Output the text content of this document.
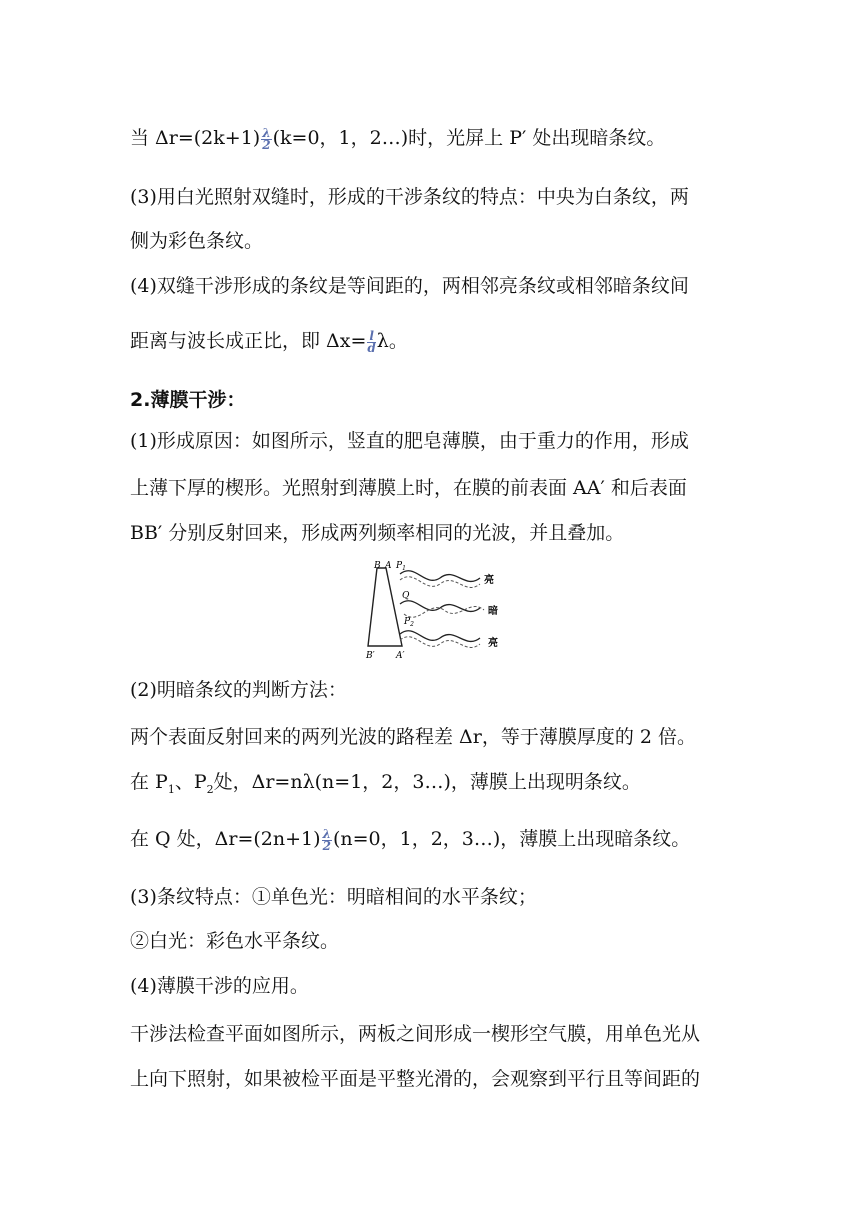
当 $\Delta r=(2k+1) \frac{\lambda}{2} (k=0$，1，2…)时，光屏上 P′ 处出现暗条纹。
(3)用白光照射双缝时，形成的干涉条纹的特点：中央为白条纹，两
侧为彩色条纹。
(4)双缝干涉形成的条纹是等间距的，两相邻亮条纹或相邻暗条纹间
距离与波长成正比，即 $\Delta x= \frac{l}{d}$ λ。
2.薄膜干涉：
(1)形成原因：如图所示，竖直的肥皂薄膜，由于重力的作用，形成
上薄下厚的楔形。光照射到薄膜上时，在膜的前表面 AA′ 和后表面
BB′ 分别反射回来，形成两列频率相同的光波，并且叠加。
B A $P_1$
Q
$P_2$
B′ A′
亮
暗
亮
(2)明暗条纹的判断方法：
两个表面反射回来的两列光波的路程差 Δr，等于薄膜厚度的 2 倍。
在 $P_1$、$P_2$处，Δr=nλ(n=1，2，3…)，薄膜上出现明条纹。
在 Q 处，$\Delta r=(2n+1) \frac{\lambda}{2} (n=0$，1，2，3…)，薄膜上出现暗条纹。
(3)条纹特点：①单色光：明暗相间的水平条纹；
②白光：彩色水平条纹。
(4)薄膜干涉的应用。
干涉法检查平面如图所示，两板之间形成一楔形空气膜，用单色光从
上向下照射，如果被检平面是平整光滑的，会观察到平行且等间距的
